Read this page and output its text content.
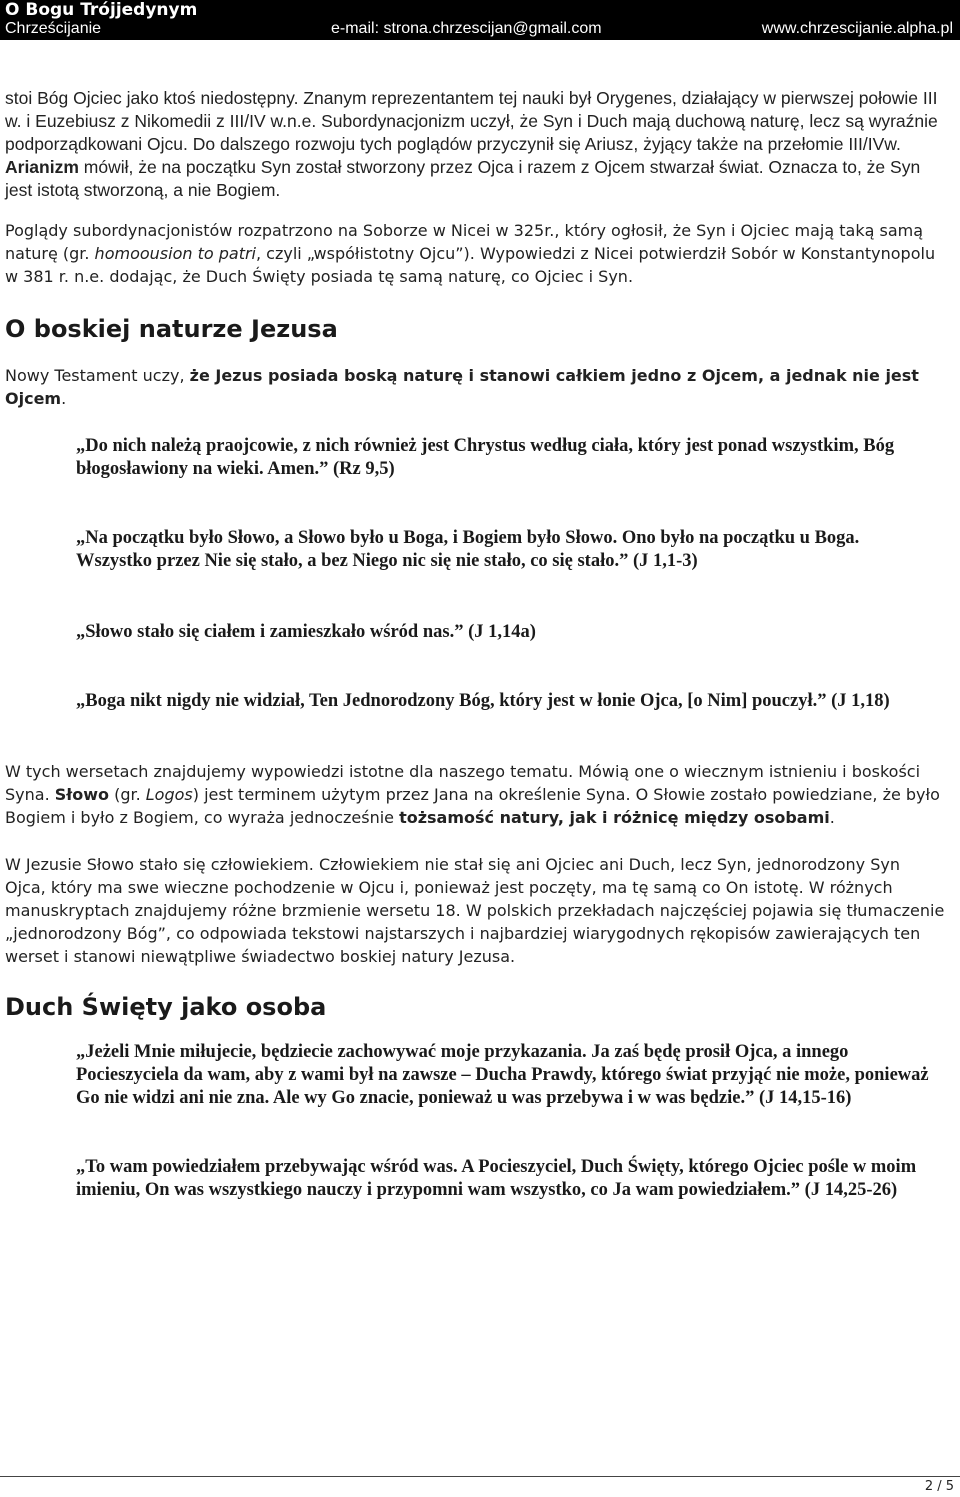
O Bogu Trójjedynym
Chrześcijanie	e-mail: strona.chrzescijan@gmail.com	www.chrzescijanie.alpha.pl

stoi Bóg Ojciec jako ktoś niedostępny. Znanym reprezentantem tej nauki był Orygenes, działający w pierwszej połowie III w. i Euzebiusz z Nikomedii z III/IV w.n.e. Subordynacjonizm uczył, że Syn i Duch mają duchową naturę, lecz są wyraźnie podporządkowani Ojcu. Do dalszego rozwoju tych poglądów przyczynił się Ariusz, żyjący także na przełomie III/IVw. Arianizm mówił, że na początku Syn został stworzony przez Ojca i razem z Ojcem stwarzał świat. Oznacza to, że Syn jest istotą stworzoną, a nie Bogiem.

Poglądy subordynacjonistów rozpatrzono na Soborze w Nicei w 325r., który ogłosił, że Syn i Ojciec mają taką samą naturę (gr. homoousion to patri, czyli „współistotny Ojcu”). Wypowiedzi z Nicei potwierdził Sobór w Konstantynopolu w 381 r. n.e. dodając, że Duch Święty posiada tę samą naturę, co Ojciec i Syn.

O boskiej naturze Jezusa

Nowy Testament uczy, że Jezus posiada boską naturę i stanowi całkiem jedno z Ojcem, a jednak nie jest Ojcem.

„Do nich należą praojcowie, z nich również jest Chrystus według ciała, który jest ponad wszystkim, Bóg błogosławiony na wieki. Amen.” (Rz 9,5)

„Na początku było Słowo, a Słowo było u Boga, i Bogiem było Słowo. Ono było na początku u Boga. Wszystko przez Nie się stało, a bez Niego nic się nie stało, co się stało.” (J 1,1-3)

„Słowo stało się ciałem i zamieszkało wśród nas.” (J 1,14a)

„Boga nikt nigdy nie widział, Ten Jednorodzony Bóg, który jest w łonie Ojca, [o Nim] pouczył.” (J 1,18)

W tych wersetach znajdujemy wypowiedzi istotne dla naszego tematu. Mówią one o wiecznym istnieniu i boskości Syna. Słowo (gr. Logos) jest terminem użytym przez Jana na określenie Syna. O Słowie zostało powiedziane, że było Bogiem i było z Bogiem, co wyraża jednocześnie tożsamość natury, jak i różnicę między osobami.

W Jezusie Słowo stało się człowiekiem. Człowiekiem nie stał się ani Ojciec ani Duch, lecz Syn, jednorodzony Syn Ojca, który ma swe wieczne pochodzenie w Ojcu i, ponieważ jest poczęty, ma tę samą co On istotę. W różnych manuskryptach znajdujemy różne brzmienie wersetu 18. W polskich przekładach najczęściej pojawia się tłumaczenie „jednorodzony Bóg”, co odpowiada tekstowi najstarszych i najbardziej wiarygodnych rękopisów zawierających ten werset i stanowi niewątpliwe świadectwo boskiej natury Jezusa.

Duch Święty jako osoba

„Jeżeli Mnie miłujecie, będziecie zachowywać moje przykazania. Ja zaś będę prosił Ojca, a innego Pocieszyciela da wam, aby z wami był na zawsze – Ducha Prawdy, którego świat przyjąć nie może, ponieważ Go nie widzi ani nie zna. Ale wy Go znacie, ponieważ u was przebywa i w was będzie.” (J 14,15-16)

„To wam powiedziałem przebywając wśród was. A Pocieszyciel, Duch Święty, którego Ojciec pośle w moim imieniu, On was wszystkiego nauczy i przypomni wam wszystko, co Ja wam powiedziałem.” (J 14,25-26)

2 / 5
